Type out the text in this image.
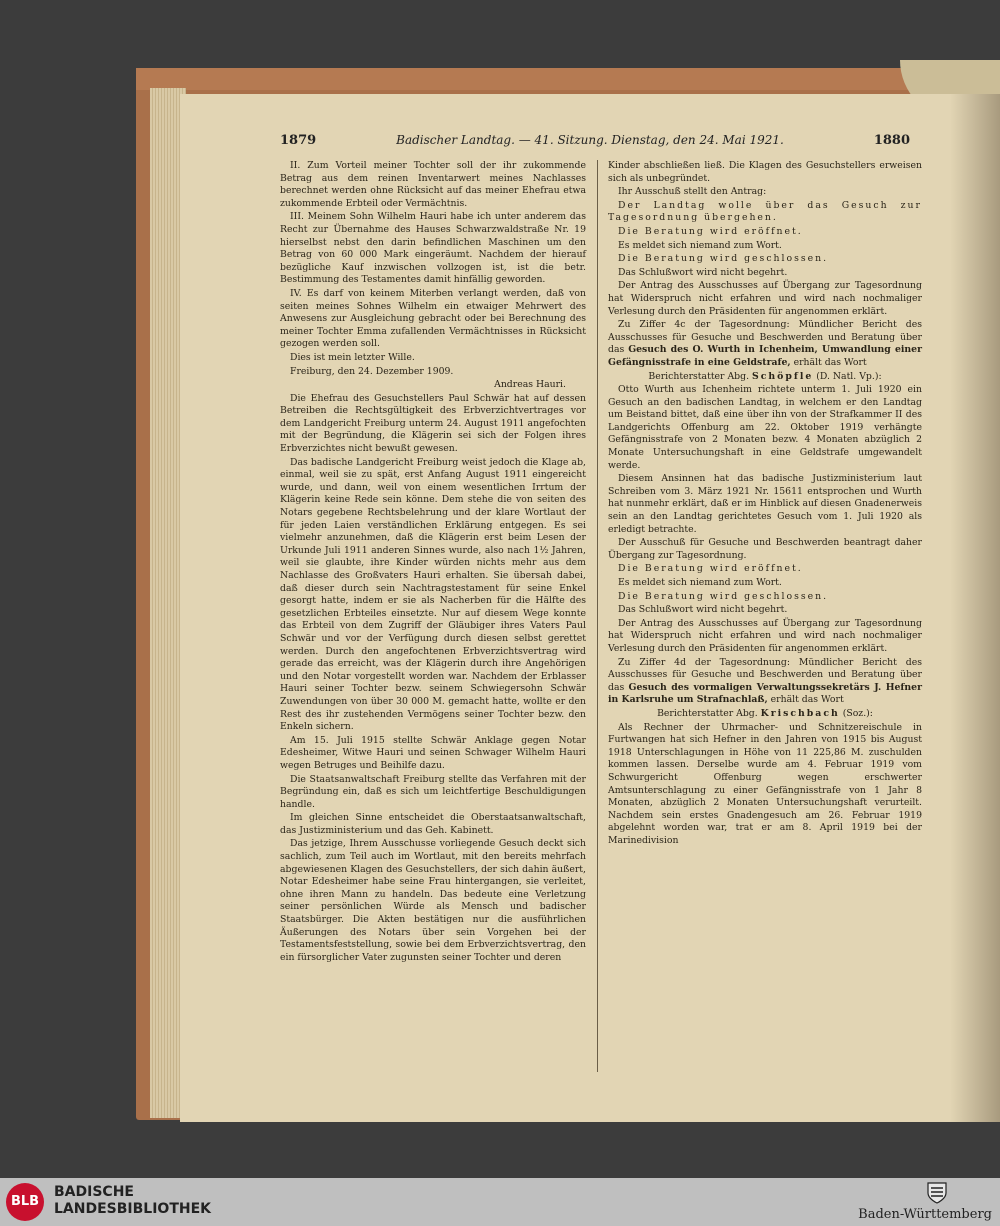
1879	Badischer Landtag. — 41. Sitzung. Dienstag, den 24. Mai 1921.	1880

II. Zum Vorteil meiner Tochter soll der ihr zukommende Betrag aus dem reinen Inventarwert meines Nachlasses berechnet werden ohne Rücksicht auf das meiner Ehefrau etwa zukommende Erbteil oder Vermächtnis.

III. Meinem Sohn Wilhelm Hauri habe ich unter anderem das Recht zur Übernahme des Hauses Schwarzwaldstraße Nr. 19 hierselbst nebst den darin befindlichen Maschinen um den Betrag von 60 000 Mark eingeräumt. Nachdem der hierauf bezügliche Kauf inzwischen vollzogen ist, ist die betr. Bestimmung des Testamentes damit hinfällig geworden.

IV. Es darf von keinem Miterben verlangt werden, daß von seiten meines Sohnes Wilhelm ein etwaiger Mehrwert des Anwesens zur Ausgleichung gebracht oder bei Berechnung des meiner Tochter Emma zufallenden Vermächtnisses in Rücksicht gezogen werden soll.

Dies ist mein letzter Wille.

Freiburg, den 24. Dezember 1909.

Andreas Hauri.

Die Ehefrau des Gesuchstellers Paul Schwär hat auf dessen Betreiben die Rechtsgültigkeit des Erbverzichtvertrages vor dem Landgericht Freiburg unterm 24. August 1911 angefochten mit der Begründung, die Klägerin sei sich der Folgen ihres Erbverzichtes nicht bewußt gewesen.

Das badische Landgericht Freiburg weist jedoch die Klage ab, einmal, weil sie zu spät, erst Anfang August 1911 eingereicht wurde, und dann, weil von einem wesentlichen Irrtum der Klägerin keine Rede sein könne. Dem stehe die von seiten des Notars gegebene Rechtsbelehrung und der klare Wortlaut der für jeden Laien verständlichen Erklärung entgegen. Es sei vielmehr anzunehmen, daß die Klägerin erst beim Lesen der Urkunde Juli 1911 anderen Sinnes wurde, also nach 1½ Jahren, weil sie glaubte, ihre Kinder würden nichts mehr aus dem Nachlasse des Großvaters Hauri erhalten. Sie übersah dabei, daß dieser durch sein Nachtragstestament für seine Enkel gesorgt hatte, indem er sie als Nacherben für die Hälfte des gesetzlichen Erbteiles einsetzte. Nur auf diesem Wege konnte das Erbteil von dem Zugriff der Gläubiger ihres Vaters Paul Schwär und vor der Verfügung durch diesen selbst gerettet werden. Durch den angefochtenen Erbverzichtsvertrag wird gerade das erreicht, was der Klägerin durch ihre Angehörigen und den Notar vorgestellt worden war. Nachdem der Erblasser Hauri seiner Tochter bezw. seinem Schwiegersohn Schwär Zuwendungen von über 30 000 M. gemacht hatte, wollte er den Rest des ihr zustehenden Vermögens seiner Tochter bezw. den Enkeln sichern.

Am 15. Juli 1915 stellte Schwär Anklage gegen Notar Edesheimer, Witwe Hauri und seinen Schwager Wilhelm Hauri wegen Betruges und Beihilfe dazu.

Die Staatsanwaltschaft Freiburg stellte das Verfahren mit der Begründung ein, daß es sich um leichtfertige Beschuldigungen handle.

Im gleichen Sinne entscheidet die Oberstaatsanwaltschaft, das Justizministerium und das Geh. Kabinett.

Das jetzige, Ihrem Ausschusse vorliegende Gesuch deckt sich sachlich, zum Teil auch im Wortlaut, mit den bereits mehrfach abgewiesenen Klagen des Gesuchstellers, der sich dahin äußert, Notar Edesheimer habe seine Frau hintergangen, sie verleitet, ohne ihren Mann zu handeln. Das bedeute eine Verletzung seiner persönlichen Würde als Mensch und badischer Staatsbürger. Die Akten bestätigen nur die ausführlichen Äußerungen des Notars über sein Vorgehen bei der Testamentsfeststellung, sowie bei dem Erbverzichtsvertrag, den ein fürsorglicher Vater zugunsten seiner Tochter und deren

Kinder abschließen ließ. Die Klagen des Gesuchstellers erweisen sich als unbegründet.

Ihr Ausschuß stellt den Antrag:

Der Landtag wolle über das Gesuch zur Tagesordnung übergehen.

Die Beratung wird eröffnet.

Es meldet sich niemand zum Wort.

Die Beratung wird geschlossen.

Das Schlußwort wird nicht begehrt.

Der Antrag des Ausschusses auf Übergang zur Tagesordnung hat Widerspruch nicht erfahren und wird nach nochmaliger Verlesung durch den Präsidenten für angenommen erklärt.

Zu Ziffer 4c der Tagesordnung: Mündlicher Bericht des Ausschusses für Gesuche und Beschwerden und Beratung über das Gesuch des O. Wurth in Ichenheim, Umwandlung einer Gefängnisstrafe in eine Geldstrafe, erhält das Wort

Berichterstatter Abg. Schöpfle (D. Natl. Vp.):

Otto Wurth aus Ichenheim richtete unterm 1. Juli 1920 ein Gesuch an den badischen Landtag, in welchem er den Landtag um Beistand bittet, daß eine über ihn von der Strafkammer II des Landgerichts Offenburg am 22. Oktober 1919 verhängte Gefängnisstrafe von 2 Monaten bezw. 4 Monaten abzüglich 2 Monate Untersuchungshaft in eine Geldstrafe umgewandelt werde.

Diesem Ansinnen hat das badische Justizministerium laut Schreiben vom 3. März 1921 Nr. 15611 entsprochen und Wurth hat nunmehr erklärt, daß er im Hinblick auf diesen Gnadenerweis sein an den Landtag gerichtetes Gesuch vom 1. Juli 1920 als erledigt betrachte.

Der Ausschuß für Gesuche und Beschwerden beantragt daher Übergang zur Tagesordnung.

Die Beratung wird eröffnet.

Es meldet sich niemand zum Wort.

Die Beratung wird geschlossen.

Das Schlußwort wird nicht begehrt.

Der Antrag des Ausschusses auf Übergang zur Tagesordnung hat Widerspruch nicht erfahren und wird nach nochmaliger Verlesung durch den Präsidenten für angenommen erklärt.

Zu Ziffer 4d der Tagesordnung: Mündlicher Bericht des Ausschusses für Gesuche und Beschwerden und Beratung über das Gesuch des vormaligen Verwaltungssekretärs J. Hefner in Karlsruhe um Strafnachlaß, erhält das Wort

Berichterstatter Abg. Krischbach (Soz.):

Als Rechner der Uhrmacher- und Schnitzereischule in Furtwangen hat sich Hefner in den Jahren von 1915 bis August 1918 Unterschlagungen in Höhe von 11 225,86 M. zuschulden kommen lassen. Derselbe wurde am 4. Februar 1919 vom Schwurgericht Offenburg wegen erschwerter Amtsunterschlagung zu einer Gefängnisstrafe von 1 Jahr 8 Monaten, abzüglich 2 Monaten Untersuchungshaft verurteilt. Nachdem sein erstes Gnadengesuch am 26. Februar 1919 abgelehnt worden war, trat er am 8. April 1919 bei der Marinedivision

BLB
BADISCHE
LANDESBIBLIOTHEK	Baden-Württemberg
